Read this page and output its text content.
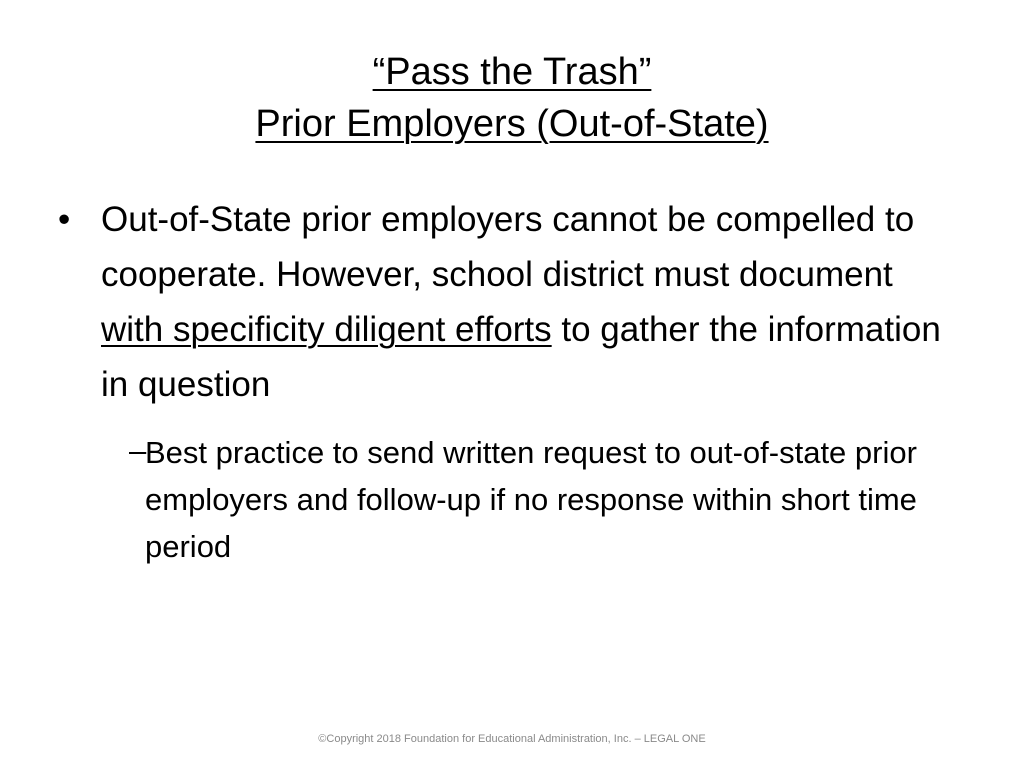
“Pass the Trash”
Prior Employers (Out-of-State)
• Out-of-State prior employers cannot be compelled to cooperate. However, school district must document with specificity diligent efforts to gather the information in question
–
Best practice to send written request to out-of-state prior employers and follow-up if no response within short time period
©Copyright 2018 Foundation for Educational Administration, Inc. – LEGAL ONE
